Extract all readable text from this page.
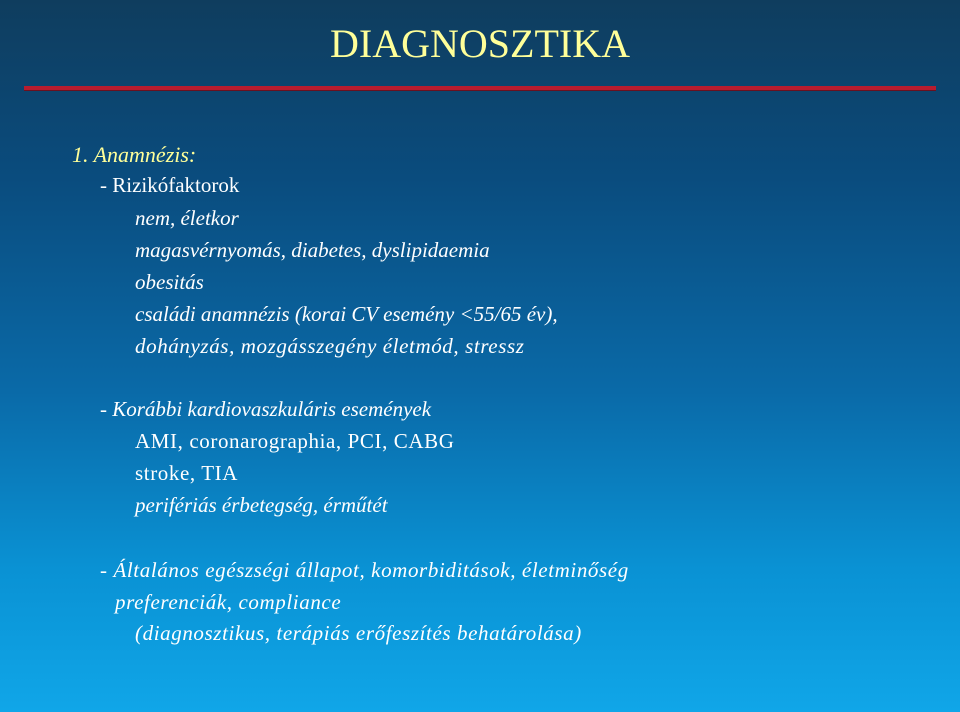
DIAGNOSZTIKA
1. Anamnézis:
- Rizikófaktorok
nem, életkor
magasvérnyomás, diabetes, dyslipidaemia
obesitás
családi anamnézis (korai CV esemény <55/65 év),
dohányzás, mozgásszegény életmód, stressz
- Korábbi kardiovaszkuláris események
AMI, coronarographia, PCI, CABG
stroke, TIA
perifériás érbetegség, érműtét
- Általános egészségi állapot, komorbiditások, életminőség
preferenciák, compliance
(diagnosztikus, terápiás erőfeszítés behatárolása)
